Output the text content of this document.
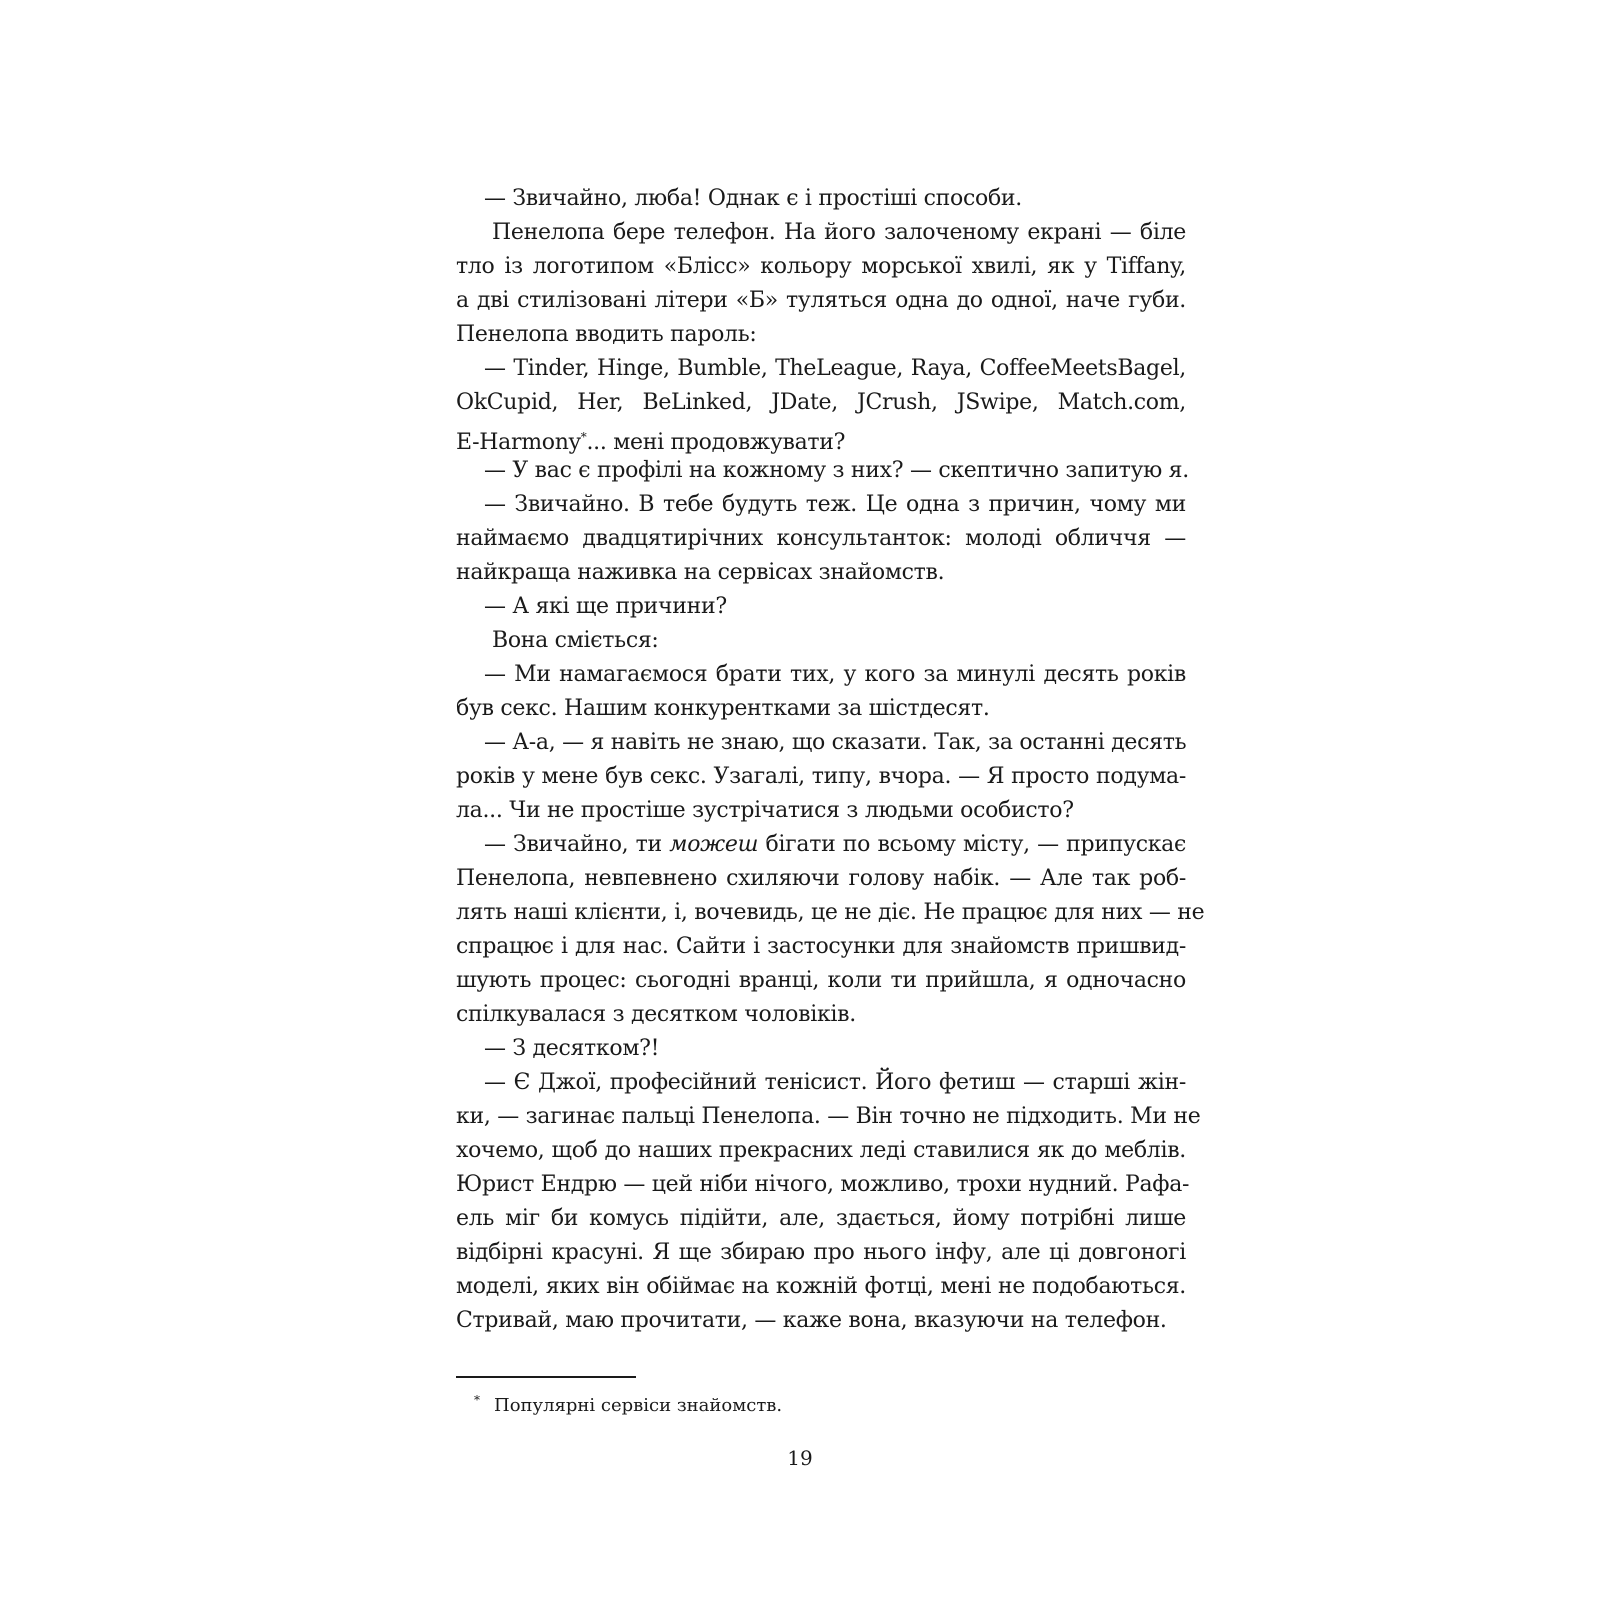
— Звичайно, люба! Однак є і простіші способи.
Пенелопа бере телефон. На його залоченому екрані — біле
тло із логотипом «Блісс» кольору морської хвилі, як у Tiffany,
а дві стилізовані літери «Б» туляться одна до одної, наче губи.
Пенелопа вводить пароль:
— Tinder, Hinge, Bumble, TheLeague, Raya, CoffeeMeetsBagel,
OkCupid, Her, BeLinked, JDate, JCrush, JSwipe, Match.com,
E-Harmony*... мені продовжувати?
— У вас є профілі на кожному з них? — скептично запитую я.
— Звичайно. В тебе будуть теж. Це одна з причин, чому ми
наймаємо двадцятирічних консультанток: молоді обличчя —
найкраща наживка на сервісах знайомств.
— А які ще причини?
Вона сміється:
— Ми намагаємося брати тих, у кого за минулі десять років
був секс. Нашим конкурентками за шістдесят.
— А-а, — я навіть не знаю, що сказати. Так, за останні десять
років у мене був секс. Узагалі, типу, вчора. — Я просто подума-
ла... Чи не простіше зустрічатися з людьми особисто?
— Звичайно, ти можеш бігати по всьому місту, — припускає
Пенелопа, невпевнено схиляючи голову набік. — Але так роб-
лять наші клієнти, і, вочевидь, це не діє. Не працює для них — не
спрацює і для нас. Сайти і застосунки для знайомств пришвид-
шують процес: сьогодні вранці, коли ти прийшла, я одночасно
спілкувалася з десятком чоловіків.
— З десятком?!
— Є Джої, професійний тенісист. Його фетиш — старші жін-
ки, — загинає пальці Пенелопа. — Він точно не підходить. Ми не
хочемо, щоб до наших прекрасних леді ставилися як до меблів.
Юрист Ендрю — цей ніби нічого, можливо, трохи нудний. Рафа-
ель міг би комусь підійти, але, здається, йому потрібні лише
відбірні красуні. Я ще збираю про нього інфу, але ці довгоногі
моделі, яких він обіймає на кожній фотці, мені не подобаються.
Стривай, маю прочитати, — каже вона, вказуючи на телефон.
* Популярні сервіси знайомств.
19
